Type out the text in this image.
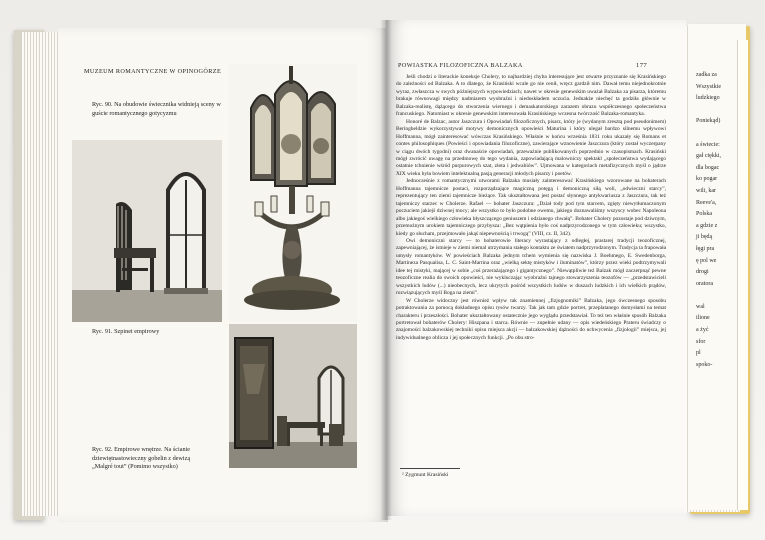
zadka za
Wszystkie
ludzkiego

Poniekąd)

a świecie:
gał ciękki,
dla bogac
ko pogar
wili, kar
Reeve'a,
Polska
a gdzie z
ji będą
łęgi pra
ę pol we
drogi
oratora

wal
ilione
a żyć
sfor
pl
spoko-
MUZEUM ROMANTYCZNE W OPINOGÓRZE
Ryc. 90. Na obudowie świecznika widnieją sceny w guście romantycznego gotycyzmu
Ryc. 91. Szpinet empirowy
Ryc. 92. Empirowe wnętrze. Na ścianie
dziewiętnastowieczny gobelin z dewizą
„Malgré tout” (Pomimo wszystko)
POWIASTKA FILOZOFICZNA BALZAKA	177

Jeśli chodzi o literackie koneksje Cholery, to najbardziej chyba interesujące jest otwarte przyznanie się Krasińskiego do zależności od Balzaka. A to dlatego, że Krasiński wcale go nie cenił, wręcz gardził nim. Dawał temu niejednokrotnie wyraz, zwłaszcza w swych późniejszych wypowiedziach; nawet w okresie genewskim uważał Balzaka za pisarza, któremu brakuje równowagi między nadmiarem wyobraźni i niedoskładem uczucia. Jednakże niechęć ta godziła głównie w Balzaka-realistę, dążącego do stworzenia wiernego i demaskatorskiego zarazem obrazu współczesnego społeczeństwa francuskiego. Natomiast w okresie genewskim interesowała Krasińskiego wczesna twórczość Balzaka-romantyka.

Honoré de Balzac, autor Jaszczura i Opowiadań filozoficznych, pisarz, który je (wydanym zresztą pod pseudonimem) Beringheldzie wykorzystywał motywy demonicznych opowieści Maturina i który ulegał bardzo silnemu wpływowi Hoffmanna, mógł zainteresować wówczas Krasińskiego. Właśnie w końcu września 1831 roku ukazały się Romans et contes philosophiques (Powieści i opowiadania filozoficzne), zawierające wznowienie Jaszczura (który został wyczerpany w ciągu dwóch tygodni) oraz dwanaście opowiadań, przeważnie publikowanych poprzednio w czasopismach. Krasiński mógł zwrócić uwagę na przedmowę do tego wydania, zapowiadającą malowniczy spektakl „społeczeństwa wydającego ostatnie tchnienie wśród purpurowych szat, złota i jedwabiów”. Ujmowana w kategoriach metafizycznych myśl o jądrze XIX wieku była bowiem intelektualną pasją generacji młodych pisarzy i poetów.

Jednocześnie z romantycznymi utworami Balzaka musiały zainteresować Krasińskiego wzorowane na bohaterach Hoffmanna tajemnicze postaci, rozporządzające magiczną potęgą i demoniczną siłą woli, „odwieczni starcy”, reprezentujący ten ziemi tajemnicze bieżące. Tak ukształtowana jest postać słynnego antykwariusza z Jaszczura, tak też tajemniczy starzec w Cholerze. Rafael — bohater Jaszczura: „Dział tody pod tym starcem, zgięty niewytłumaczonym poczuciem jakiejś dziwnej mocy; ale wszystko to było podobne owemu, jakiego doznawaliśmy wszyscy wobec Napoleona albo jakiegoś wielkiego człowieka błyszczącego geniuszem i odzianego chwałą”. Bohater Cholery pozostaje pod dziwnym, przemożnym urokiem tajemniczego przybysza: „Bez wątpienia było coś nadprzyrodzonego w tym człowieku; wszystko, kiedy go słucham, przejmowało jakąś niepewnością i trwogą” (VIII, cz. II, 342).

Owi demoniczni starcy — to bohaterowie literacy wyrastający z odległej, prastarej tradycji teozoficznej, zapewniającej, że istnieje w ziemi niemal utrzymania stałego kontaktu ze światem nadprzyrodzonym. Tradycja ta frapowała umysły romantyków. W powieściach Balzaka jednym tchem wymienia się nazwiska J. Boehmego, E. Swedenborga, Martineza Pasqualisa, L. C. Saint-Martina oraz „wielką sektę mistyków i iluminatów”, którzy przez wieki podtrzymywali idee tej mistyki, mającej w sobie „coś przerażającego i gigantycznego”. Niewątpliwie też Balzak mógł zaczerpnąć pewne teozoficzne realia do swoich opowieści, nie wykluczając wyobraźni tajnego stowarzyszenia teozofów — „przedstawicieli wszystkich ludów (...) nieobecnych, lecz ukrytych pośród wszystkich ludów w duszach ludzkich i ich wielkich prądów, rozwiązujących myśl Boga na ziemi”.

W Cholerze widoczny jest również wpływ tak znamiennej „fizjognomiki” Balzaka, jego ówczesnego sposobu potraktowania za pomocą dokładnego opisu rysów twarzy. Tak jak tam gdzie portret, przeplatanego domysłami na temat charakteru i przeszłości. Bohater ukształtowany ostatecznie jego wyglądu przedstawiał. To też ten właśnie sposób Balzaka portretował bohaterów Cholery: Hiszpana i starca. Równie — zupełnie udany — opis wiedeńskiego Prateru świadczy o znajomości balzakowskiej techniki opisu miejsca akcji — balzakowskiej dążności do uchwycenia „fizjologii” miejsca, jej indywidualnego oblicza i jej społecznych funkcji. „Po obu stro-

² Zygmunt Krasiński
